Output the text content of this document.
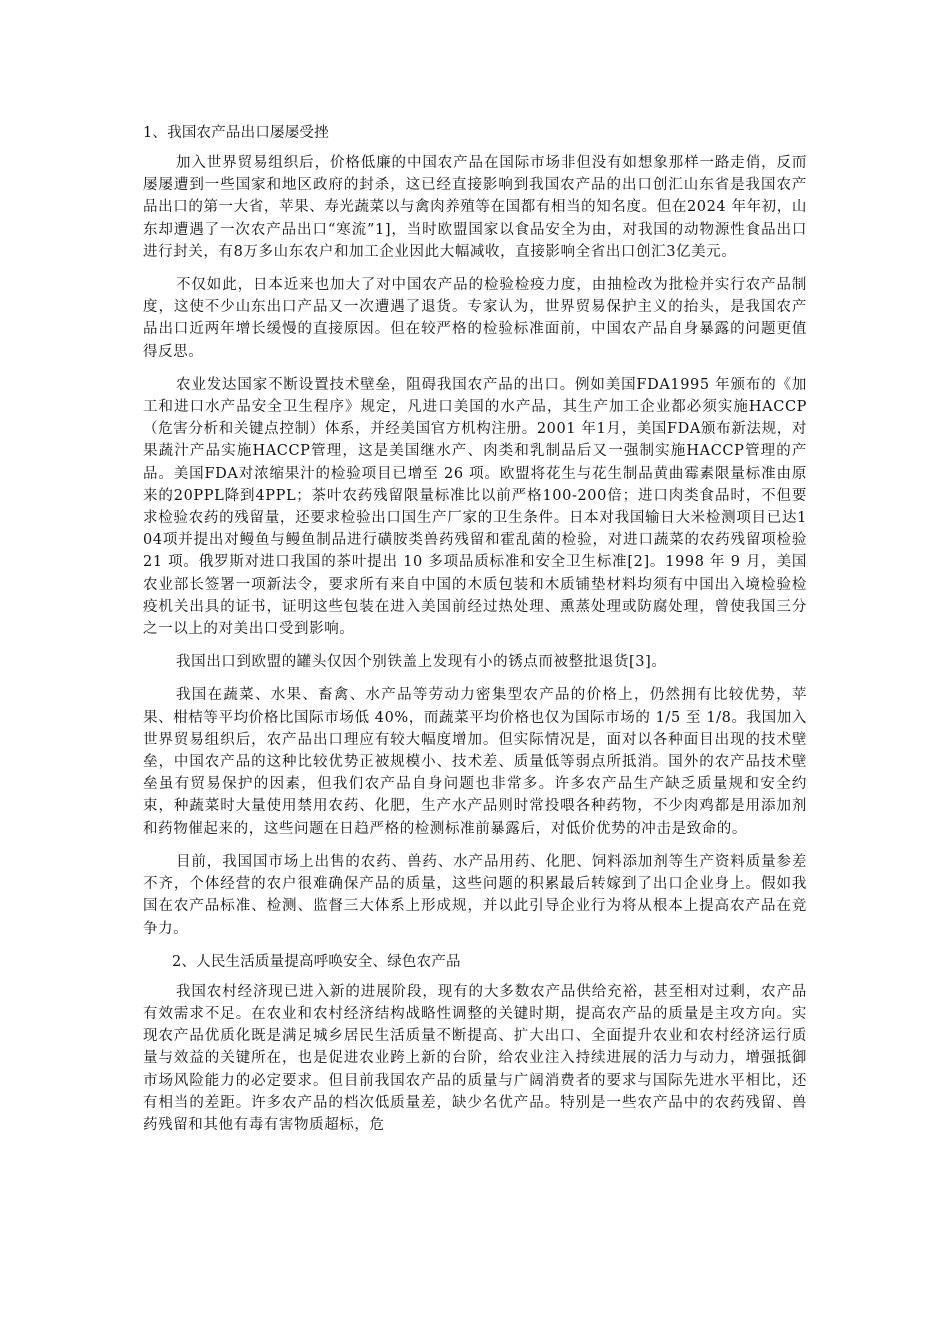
1、我国农产品出口屡屡受挫

加入世界贸易组织后，价格低廉的中国农产品在国际市场非但没有如想象那样一路走俏，反而屡屡遭到一些国家和地区政府的封杀，这已经直接影响到我国农产品的出口创汇山东省是我国农产品出口的第一大省，苹果、寿光蔬菜以与禽肉养殖等在国都有相当的知名度。但在2024 年年初，山东却遭遇了一次农产品出口“寒流”1]，当时欧盟国家以食品安全为由，对我国的动物源性食品出口进行封关，有8万多山东农户和加工企业因此大幅减收，直接影响全省出口创汇3亿美元。

不仅如此，日本近来也加大了对中国农产品的检验检疫力度，由抽检改为批检并实行农产品制度，这使不少山东出口产品又一次遭遇了退货。专家认为，世界贸易保护主义的抬头，是我国农产品出口近两年增长缓慢的直接原因。但在较严格的检验标准面前，中国农产品自身暴露的问题更值得反思。

农业发达国家不断设置技术壁垒，阻碍我国农产品的出口。例如美国FDA1995 年颁布的《加工和进口水产品安全卫生程序》规定，凡进口美国的水产品，其生产加工企业都必须实施HACCP（危害分析和关键点控制）体系，并经美国官方机构注册。2001 年1月，美国FDA颁布新法规，对果蔬汁产品实施HACCP管理，这是美国继水产、肉类和乳制品后又一强制实施HACCP管理的产品。美国FDA对浓缩果汁的检验项目已增至 26 项。欧盟将花生与花生制品黄曲霉素限量标准由原来的20PPL降到4PPL；茶叶农药残留限量标准比以前严格100-200倍；进口肉类食品时，不但要求检验农药的残留量，还要求检验出口国生产厂家的卫生条件。日本对我国输日大米检测项目已达104项并提出对鳗鱼与鳗鱼制品进行磺胺类兽药残留和霍乱菌的检验，对进口蔬菜的农药残留项检验 21 项。俄罗斯对进口我国的茶叶提出 10 多项品质标准和安全卫生标准[2]。1998 年 9 月，美国农业部长签署一项新法令，要求所有来自中国的木质包装和木质铺垫材料均须有中国出入境检验检疫机关出具的证书，证明这些包装在进入美国前经过热处理、熏蒸处理或防腐处理，曾使我国三分之一以上的对美出口受到影响。

我国出口到欧盟的罐头仅因个别铁盖上发现有小的锈点而被整批退货[3]。

我国在蔬菜、水果、畜禽、水产品等劳动力密集型农产品的价格上，仍然拥有比较优势，苹果、柑桔等平均价格比国际市场低 40%，而蔬菜平均价格也仅为国际市场的 1/5 至 1/8。我国加入世界贸易组织后，农产品出口理应有较大幅度增加。但实际情况是，面对以各种面目出现的技术壁垒，中国农产品的这种比较优势正被规模小、技术差、质量低等弱点所抵消。国外的农产品技术壁垒虽有贸易保护的因素，但我们农产品自身问题也非常多。许多农产品生产缺乏质量规和安全约束，种蔬菜时大量使用禁用农药、化肥，生产水产品则时常投喂各种药物，不少肉鸡都是用添加剂和药物催起来的，这些问题在日趋严格的检测标准前暴露后，对低价优势的冲击是致命的。

目前，我国国市场上出售的农药、兽药、水产品用药、化肥、饲料添加剂等生产资料质量参差不齐，个体经营的农户很难确保产品的质量，这些问题的积累最后转嫁到了出口企业身上。假如我国在农产品标准、检测、监督三大体系上形成规，并以此引导企业行为将从根本上提高农产品在竞争力。

2、人民生活质量提高呼唤安全、绿色农产品

我国农村经济现已进入新的进展阶段，现有的大多数农产品供给充裕，甚至相对过剩，农产品有效需求不足。在农业和农村经济结构战略性调整的关键时期，提高农产品的质量是主攻方向。实现农产品优质化既是满足城乡居民生活质量不断提高、扩大出口、全面提升农业和农村经济运行质量与效益的关键所在，也是促进农业跨上新的台阶，给农业注入持续进展的活力与动力，增强抵御市场风险能力的必定要求。但目前我国农产品的质量与广阔消费者的要求与国际先进水平相比，还有相当的差距。许多农产品的档次低质量差，缺少名优产品。特别是一些农产品中的农药残留、兽药残留和其他有毒有害物质超标，危
